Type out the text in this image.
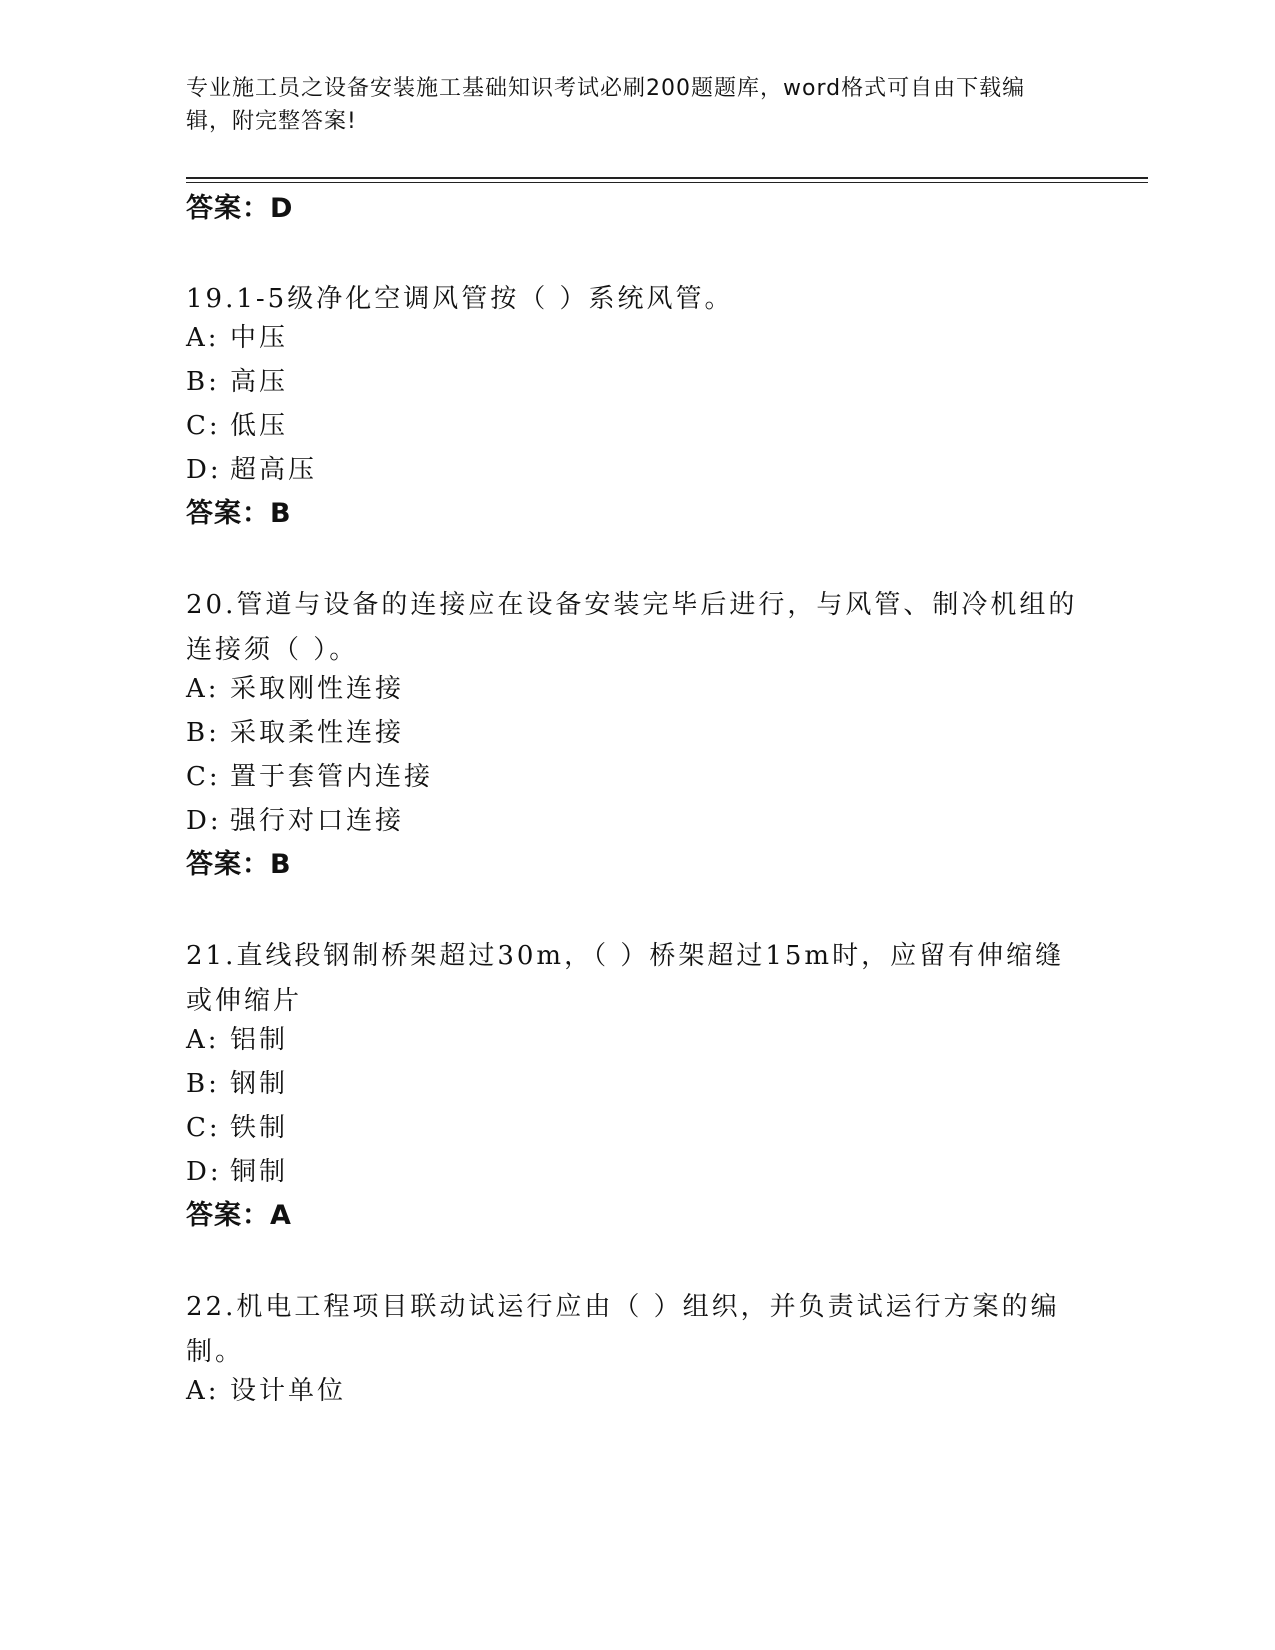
专业施工员之设备安装施工基础知识考试必刷200题题库，word格式可自由下载编辑，附完整答案!
答案：D
19.1-5级净化空调风管按（ ）系统风管。
A: 中压
B: 高压
C: 低压
D: 超高压
答案：B
20.管道与设备的连接应在设备安装完毕后进行，与风管、制冷机组的连接须（ ）。
A: 采取刚性连接
B: 采取柔性连接
C: 置于套管内连接
D: 强行对口连接
答案：B
21.直线段钢制桥架超过30m，（ ）桥架超过15m时，应留有伸缩缝或伸缩片
A: 铝制
B: 钢制
C: 铁制
D: 铜制
答案：A
22.机电工程项目联动试运行应由（ ）组织，并负责试运行方案的编制。
A: 设计单位
